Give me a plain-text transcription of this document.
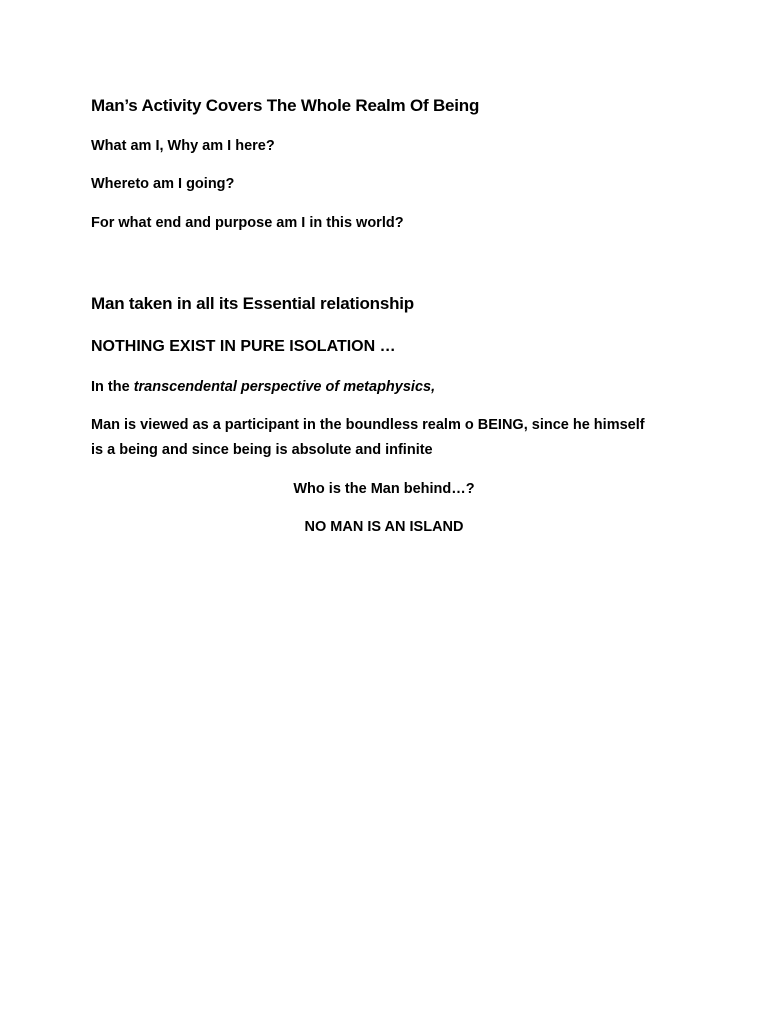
Man’s Activity Covers The Whole Realm Of Being

What am I, Why am I here?

Whereto am I going?

For what end and purpose am I in this world?

Man taken in all its Essential relationship

NOTHING EXIST IN PURE ISOLATION …

In the transcendental perspective of metaphysics,

Man is viewed as a participant in the boundless realm o BEING, since he himself
is a being and since being is absolute and infinite

Who is the Man behind…?

NO MAN IS AN ISLAND
